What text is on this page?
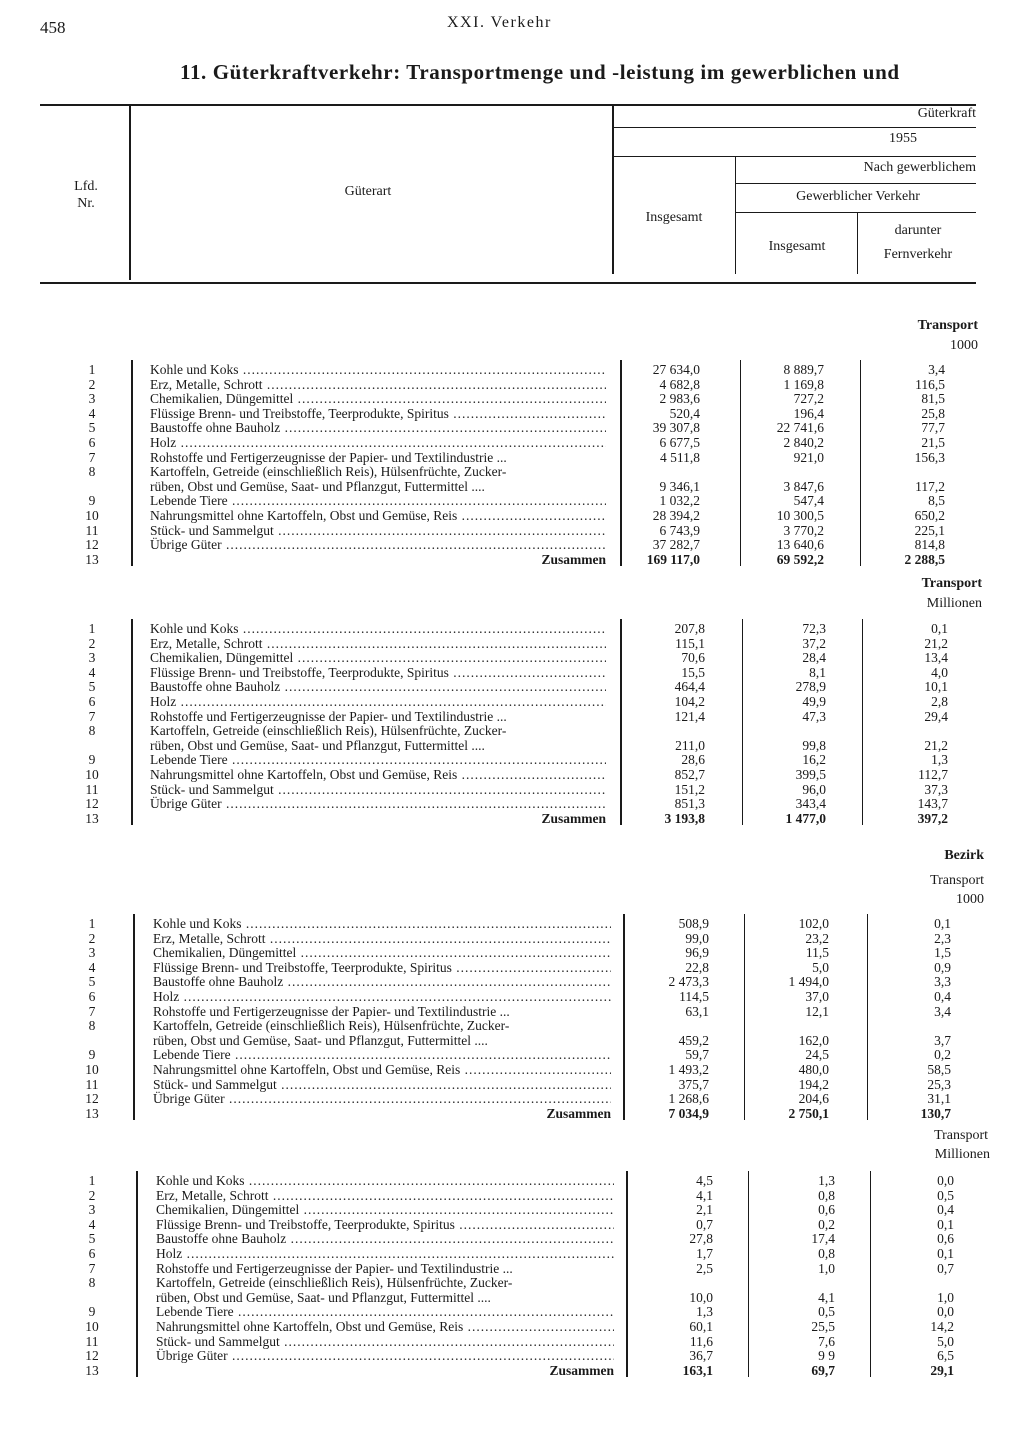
458	XXI. Verkehr
11. Güterkraftverkehr: Transportmenge und -leistung im gewerblichen und
Lfd. Nr.
Güterart
Güterkraft
1955
Nach gewerblichem
Insgesamt
Gewerblicher Verkehr
Insgesamt
darunter
Fernverkehr
Transport
1000
1	Kohle und Koks .....	27 634,0	8 889,7	3,4
2	Erz, Metalle, Schrott .....	4 682,8	1 169,8	116,5
3	Chemikalien, Düngemittel .....	2 983,6	727,2	81,5
4	Flüssige Brenn- und Treibstoffe, Teerprodukte, Spiritus .....	520,4	196,4	25,8
5	Baustoffe ohne Bauholz .....	39 307,8	22 741,6	77,7
6	Holz .....	6 677,5	2 840,2	21,5
7	Rohstoffe und Fertigerzeugnisse der Papier- und Textilindustrie ...	4 511,8	921,0	156,3
8	Kartoffeln, Getreide (einschließlich Reis), Hülsenfrüchte, Zucker-
rüben, Obst und Gemüse, Saat- und Pflanzgut, Futtermittel ....	9 346,1	3 847,6	117,2
9	Lebende Tiere .....	1 032,2	547,4	8,5
10	Nahrungsmittel ohne Kartoffeln, Obst und Gemüse, Reis .....	28 394,2	10 300,5	650,2
11	Stück- und Sammelgut .....	6 743,9	3 770,2	225,1
12	Übrige Güter .....	37 282,7	13 640,6	814,8
13	Zusammen	169 117,0	69 592,2	2 288,5
Transport
Millionen
1	Kohle und Koks .....	207,8	72,3	0,1
2	Erz, Metalle, Schrott .....	115,1	37,2	21,2
3	Chemikalien, Düngemittel .....	70,6	28,4	13,4
4	Flüssige Brenn- und Treibstoffe, Teerprodukte, Spiritus .....	15,5	8,1	4,0
5	Baustoffe ohne Bauholz .....	464,4	278,9	10,1
6	Holz .....	104,2	49,9	2,8
7	Rohstoffe und Fertigerzeugnisse der Papier- und Textilindustrie ...	121,4	47,3	29,4
8	Kartoffeln, Getreide (einschließlich Reis), Hülsenfrüchte, Zucker-
rüben, Obst und Gemüse, Saat- und Pflanzgut, Futtermittel ....	211,0	99,8	21,2
9	Lebende Tiere .....	28,6	16,2	1,3
10	Nahrungsmittel ohne Kartoffeln, Obst und Gemüse, Reis .....	852,7	399,5	112,7
11	Stück- und Sammelgut .....	151,2	96,0	37,3
12	Übrige Güter .....	851,3	343,4	143,7
13	Zusammen	3 193,8	1 477,0	397,2
Bezirk
Transport
1000
1	Kohle und Koks .....	508,9	102,0	0,1
2	Erz, Metalle, Schrott .....	99,0	23,2	2,3
3	Chemikalien, Düngemittel .....	96,9	11,5	1,5
4	Flüssige Brenn- und Treibstoffe, Teerprodukte, Spiritus .....	22,8	5,0	0,9
5	Baustoffe ohne Bauholz .....	2 473,3	1 494,0	3,3
6	Holz .....	114,5	37,0	0,4
7	Rohstoffe und Fertigerzeugnisse der Papier- und Textilindustrie ...	63,1	12,1	3,4
8	Kartoffeln, Getreide (einschließlich Reis), Hülsenfrüchte, Zucker-
rüben, Obst und Gemüse, Saat- und Pflanzgut, Futtermittel ....	459,2	162,0	3,7
9	Lebende Tiere .....	59,7	24,5	0,2
10	Nahrungsmittel ohne Kartoffeln, Obst und Gemüse, Reis .....	1 493,2	480,0	58,5
11	Stück- und Sammelgut .....	375,7	194,2	25,3
12	Übrige Güter .....	1 268,6	204,6	31,1
13	Zusammen	7 034,9	2 750,1	130,7
Transport
Millionen
1	Kohle und Koks .....	4,5	1,3	0,0
2	Erz, Metalle, Schrott .....	4,1	0,8	0,5
3	Chemikalien, Düngemittel .....	2,1	0,6	0,4
4	Flüssige Brenn- und Treibstoffe, Teerprodukte, Spiritus .....	0,7	0,2	0,1
5	Baustoffe ohne Bauholz .....	27,8	17,4	0,6
6	Holz .....	1,7	0,8	0,1
7	Rohstoffe und Fertigerzeugnisse der Papier- und Textilindustrie ...	2,5	1,0	0,7
8	Kartoffeln, Getreide (einschließlich Reis), Hülsenfrüchte, Zucker-
rüben, Obst und Gemüse, Saat- und Pflanzgut, Futtermittel ....	10,0	4,1	1,0
9	Lebende Tiere .....	1,3	0,5	0,0
10	Nahrungsmittel ohne Kartoffeln, Obst und Gemüse, Reis .....	60,1	25,5	14,2
11	Stück- und Sammelgut .....	11,6	7,6	5,0
12	Übrige Güter .....	36,7	9 9	6,5
13	Zusammen	163,1	69,7	29,1
